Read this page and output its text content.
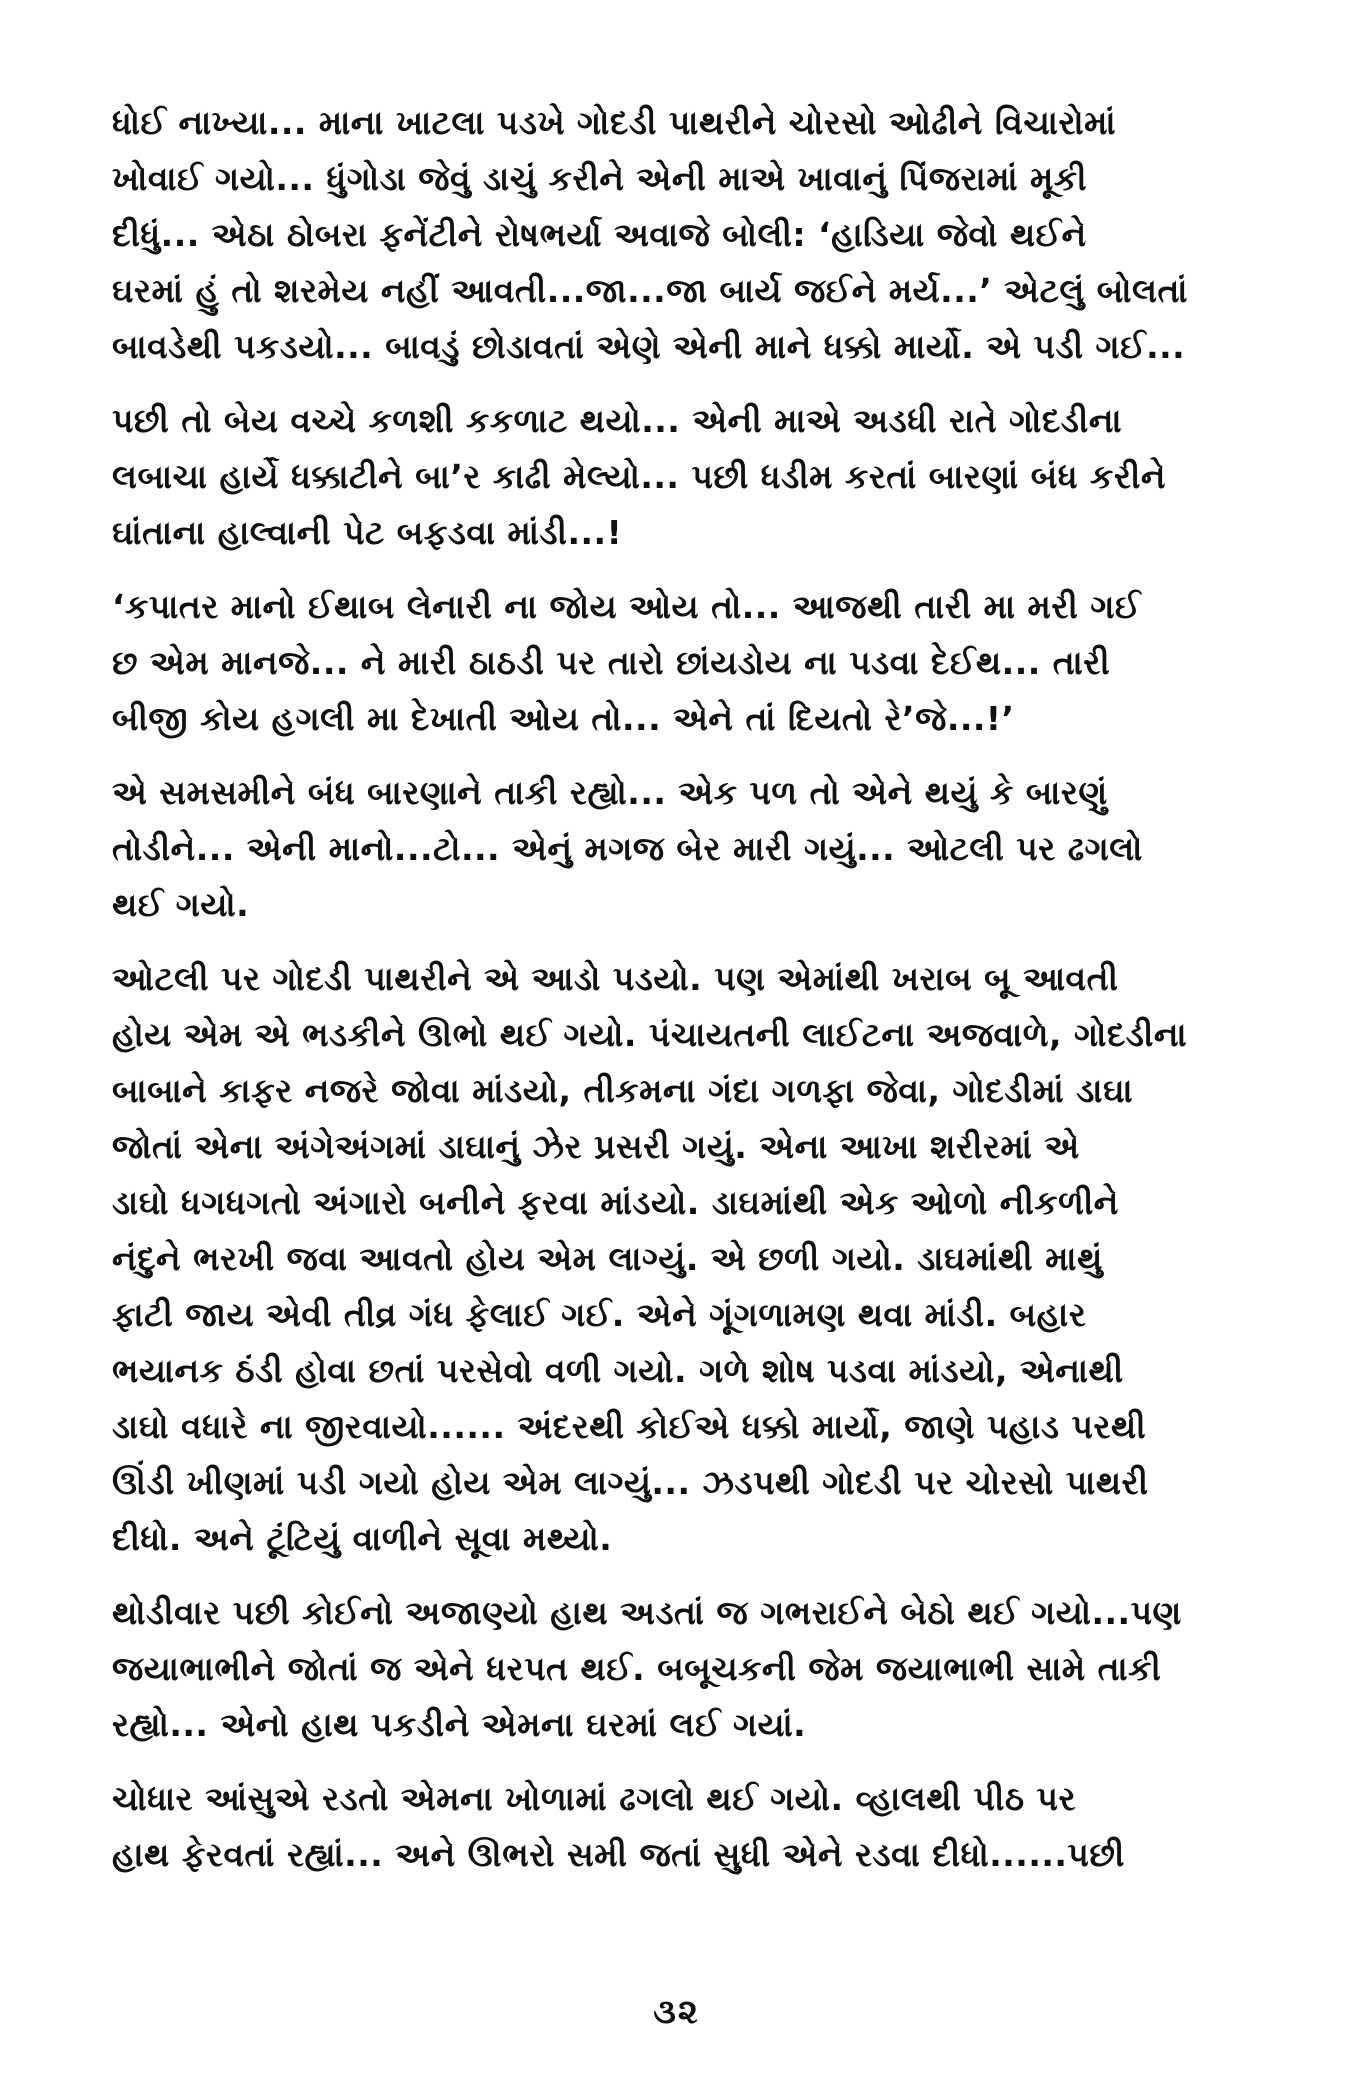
ધોઈ નાખ્યા... માના ખાટલા પડખે ગોદડી પાથરીને ચોરસો ઓઢીને વિચારોમાં
ખોવાઈ ગયો... ધુંગોડા જેવું ડાચું કરીને એની માએ ખાવાનું પિંજરામાં મૂકી
દીધું... એઠા ઠોબરા ફનેંટીને રોષભર્યા અવાજે બોલી: ‘હાડિયા જેવો થઈને
ઘરમાં હું તો શરમેય નહીં આવતી...જા...જા બાર્ય જઈને મર્ય...’ એટલું બોલતાં
બાવડેથી પકડયો... બાવડું છોડાવતાં એણે એની માને ધક્કો માર્યો. એ પડી ગઈ...

પછી તો બેય વચ્ચે કળશી કકળાટ થયો... એની માએ અડધી રાતે ગોદડીના
લબાચા હાર્યે ધક્કાટીને બા’ર કાઢી મેલ્યો... પછી ધડીમ કરતાં બારણાં બંધ કરીને
ઘાંતાના હાલ્વાની પેટ બફડવા માંડી...!

‘કપાતર માનો ઈથાબ લેનારી ના જોય ઓય તો... આજથી તારી મા મરી ગઈ
છ એમ માનજે... ને મારી ઠાઠડી પર તારો છાંયડોય ના પડવા દેઈથ... તારી
બીજી કોય હગલી મા દેખાતી ઓય તો... એને તાં દિયતો રે’જે...!’

એ સમસમીને બંધ બારણાને તાકી રહ્યો... એક પળ તો એને થયું કે બારણું
તોડીને... એની માનો...ટો... એનું મગજ બેર મારી ગયું... ઓટલી પર ઢગલો
થઈ ગયો.

ઓટલી પર ગોદડી પાથરીને એ આડો પડયો. પણ એમાંથી ખરાબ બૂ આવતી
હોય એમ એ ભડકીને ઊભો થઈ ગયો. પંચાયતની લાઈટના અજવાળે, ગોદડીના
બાબાને કાફર નજરે જોવા માંડયો, તીકમના ગંદા ગળફા જેવા, ગોદડીમાં ડાઘા
જોતાં એના અંગેઅંગમાં ડાઘાનું ઝેર પ્રસરી ગયું. એના આખા શરીરમાં એ
ડાઘો ધગધગતો અંગારો બનીને ફરવા માંડયો. ડાઘમાંથી એક ઓળો નીકળીને
નંદુને ભરખી જવા આવતો હોય એમ લાગ્યું. એ છળી ગયો. ડાઘમાંથી માથું
ફાટી જાય એવી તીવ્ર ગંધ ફેલાઈ ગઈ. એને ગૂંગળામણ થવા માંડી. બહાર
ભયાનક ઠંડી હોવા છતાં પરસેવો વળી ગયો. ગળે શોષ પડવા માંડયો, એનાથી
ડાઘો વધારે ના જીરવાયો...... અંદરથી કોઈએ ધક્કો માર્યો, જાણે પહાડ પરથી
ઊંડી ખીણમાં પડી ગયો હોય એમ લાગ્યું... ઝડપથી ગોદડી પર ચોરસો પાથરી
દીધો. અને ટૂંટિયું વાળીને સૂવા મથ્યો.

થોડીવાર પછી કોઈનો અજાણ્યો હાથ અડતાં જ ગભરાઈને બેઠો થઈ ગયો...પણ
જયાભાભીને જોતાં જ એને ધરપત થઈ. બબૂચકની જેમ જયાભાભી સામે તાકી
રહ્યો... એનો હાથ પકડીને એમના ઘરમાં લઈ ગયાં.

ચોધાર આંસુએ રડતો એમના ખોળામાં ઢગલો થઈ ગયો. વ્હાલથી પીઠ પર
હાથ ફેરવતાં રહ્યાં... અને ઊભરો સમી જતાં સુધી એને રડવા દીધો......પછી

૩૨
